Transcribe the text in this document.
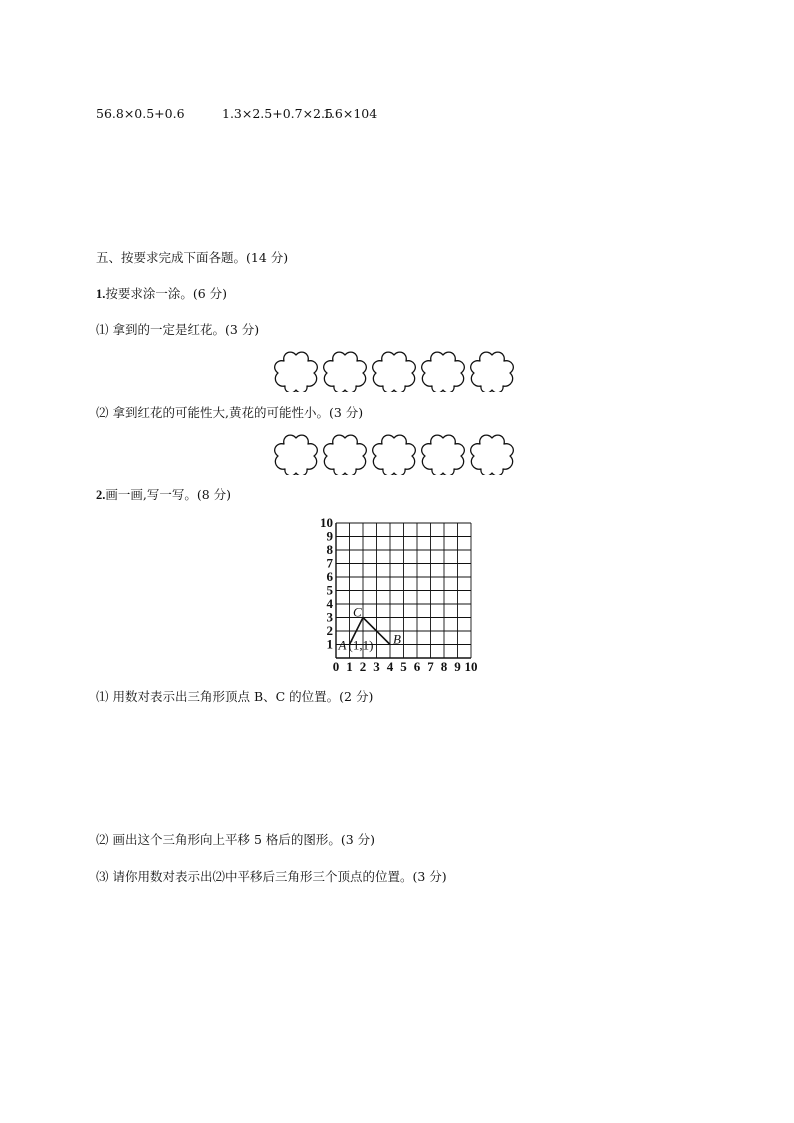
56.8×0.5+0.6	1.3×2.5+0.7×2.5
1.6×104
五、按要求完成下面各题。(14 分)
1.按要求涂一涂。(6 分)
⑴ 拿到的一定是红花。(3 分)
⑵ 拿到红花的可能性大,黄花的可能性小。(3 分)
2.画一画,写一写。(8 分)
0 1 2 3 4 5 6 7 8 9 10
1
2
3
4
5
6
7
8
9
10
A (1,1) B
C
⑴ 用数对表示出三角形顶点 B、C 的位置。(2 分)
⑵ 画出这个三角形向上平移 5 格后的图形。(3 分)
⑶ 请你用数对表示出⑵中平移后三角形三个顶点的位置。(3 分)
